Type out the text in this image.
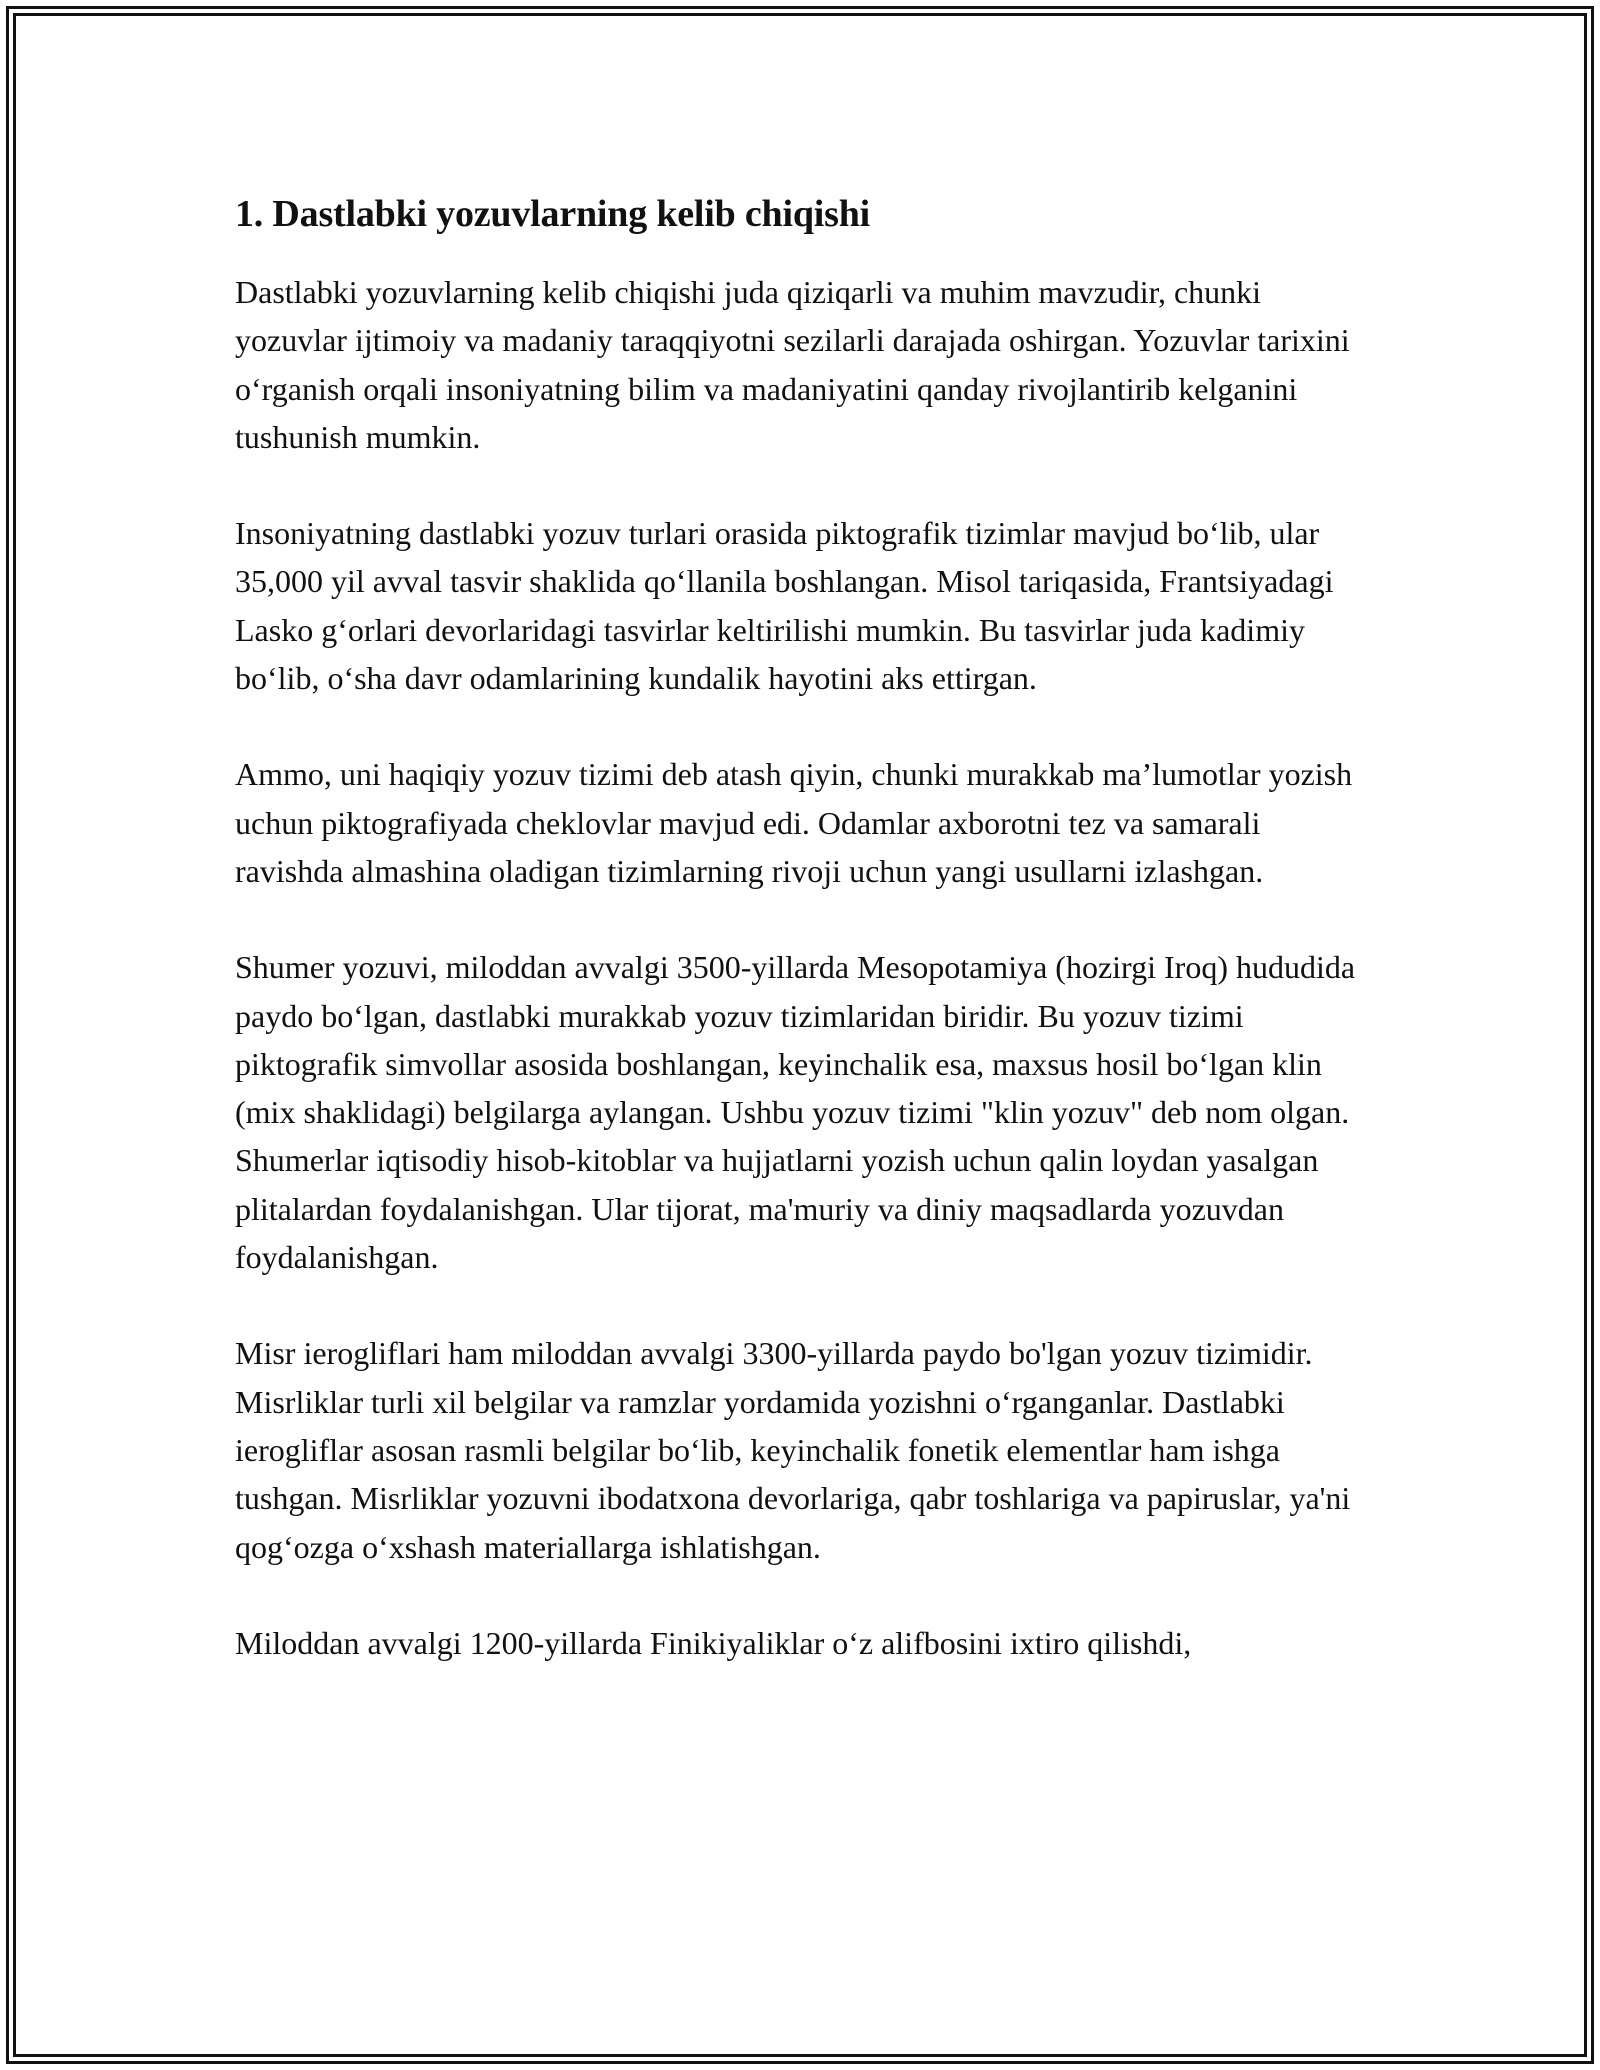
1. Dastlabki yozuvlarning kelib chiqishi

Dastlabki yozuvlarning kelib chiqishi juda qiziqarli va muhim mavzudir, chunki yozuvlar ijtimoiy va madaniy taraqqiyotni sezilarli darajada oshirgan. Yozuvlar tarixini oʻrganish orqali insoniyatning bilim va madaniyatini qanday rivojlantirib kelganini tushunish mumkin.

Insoniyatning dastlabki yozuv turlari orasida piktografik tizimlar mavjud boʻlib, ular 35,000 yil avval tasvir shaklida qoʻllanila boshlangan. Misol tariqasida, Frantsiyadagi Lasko gʻorlari devorlaridagi tasvirlar keltirilishi mumkin. Bu tasvirlar juda kadimiy boʻlib, oʻsha davr odamlarining kundalik hayotini aks ettirgan.

Ammo, uni haqiqiy yozuv tizimi deb atash qiyin, chunki murakkab ma’lumotlar yozish uchun piktografiyada cheklovlar mavjud edi. Odamlar axborotni tez va samarali ravishda almashina oladigan tizimlarning rivoji uchun yangi usullarni izlashgan.

Shumer yozuvi, miloddan avvalgi 3500-yillarda Mesopotamiya (hozirgi Iroq) hududida paydo boʻlgan, dastlabki murakkab yozuv tizimlaridan biridir. Bu yozuv tizimi piktografik simvollar asosida boshlangan, keyinchalik esa, maxsus hosil boʻlgan klin (mix shaklidagi) belgilarga aylangan. Ushbu yozuv tizimi "klin yozuv" deb nom olgan. Shumerlar iqtisodiy hisob-kitoblar va hujjatlarni yozish uchun qalin loydan yasalgan plitalardan foydalanishgan. Ular tijorat, ma'muriy va diniy maqsadlarda yozuvdan foydalanishgan.

Misr ierogliflari ham miloddan avvalgi 3300-yillarda paydo bo'lgan yozuv tizimidir. Misrliklar turli xil belgilar va ramzlar yordamida yozishni oʻrganganlar. Dastlabki ierogliflar asosan rasmli belgilar boʻlib, keyinchalik fonetik elementlar ham ishga tushgan. Misrliklar yozuvni ibodatxona devorlariga, qabr toshlariga va papiruslar, ya'ni qogʻozga oʻxshash materiallarga ishlatishgan.

Miloddan avvalgi 1200-yillarda Finikiyaliklar oʻz alifbosini ixtiro qilishdi,
